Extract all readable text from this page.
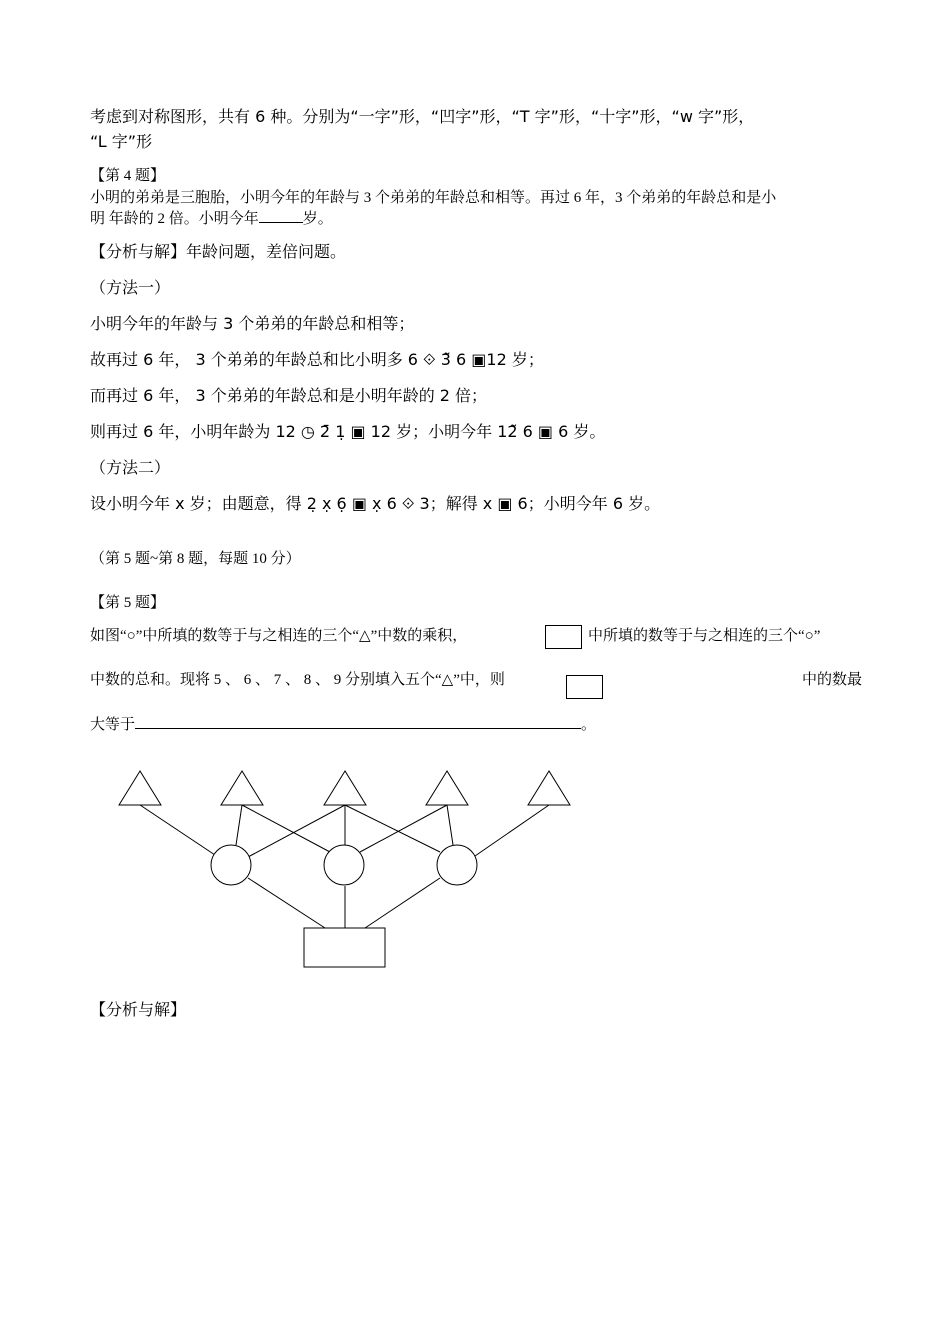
考虑到对称图形，共有 6 种。分别为“一字”形，“凹字”形，“T 字”形，“十字”形，“w 字”形，
“L 字”形
【第 4 题】
小明的弟弟是三胞胎，小明今年的年龄与 3 个弟弟的年龄总和相等。再过 6 年，3 个弟弟的年龄总和是小
明 年龄的 2 倍。小明今年	岁。
【分析与解】年龄问题，差倍问题。
（方法一）
小明今年的年龄与 3 个弟弟的年龄总和相等；
故再过 6 年， 3 个弟弟的年龄总和比小明多 6 ⟐ 3̃ 6 ▣12 岁；
而再过 6 年， 3 个弟弟的年龄总和是小明年龄的 2 倍；
则再过 6 年，小明年龄为 12 ◷ 2̄ 1̣ ▣ 12 岁；小明今年 12̃ 6 ▣ 6 岁。
（方法二）
设小明今年 x 岁；由题意，得 2̣ x̣ 6̣ ▣ x̣ 6 ⟐ 3；解得 x ▣ 6；小明今年 6 岁。
（第 5 题~第 8 题，每题 10 分）
【第 5 题】
如图“○”中所填的数等于与之相连的三个“△”中数的乘积，	中所填的数等于与之相连的三个“○”
中数的总和。现将 5 、 6 、 7 、 8 、 9 分别填入五个“△”中，则	中的数最
大等于	。
【分析与解】
